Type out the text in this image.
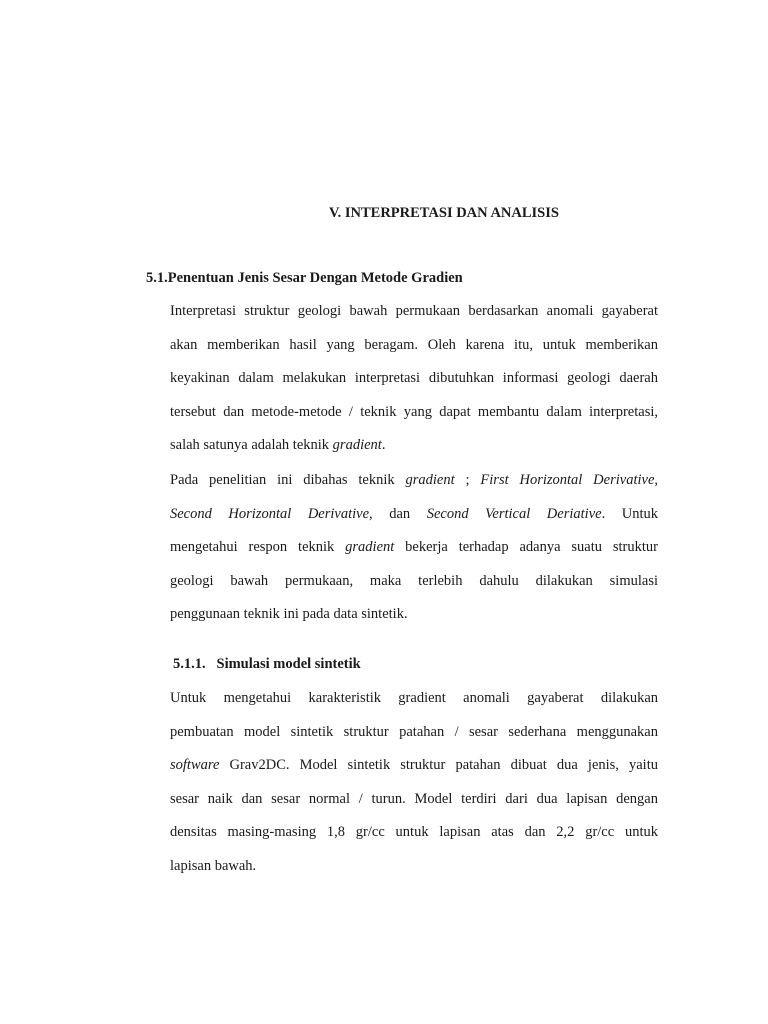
V. INTERPRETASI DAN ANALISIS
5.1.Penentuan Jenis Sesar Dengan Metode Gradien
Interpretasi struktur geologi bawah permukaan berdasarkan anomali gayaberat
akan memberikan hasil yang beragam. Oleh karena itu, untuk memberikan
keyakinan dalam melakukan interpretasi dibutuhkan informasi geologi daerah
tersebut dan metode-metode / teknik yang dapat membantu dalam interpretasi,
salah satunya adalah teknik gradient.
Pada penelitian ini dibahas teknik gradient ; First Horizontal Derivative,
Second Horizontal Derivative, dan Second Vertical Deriative. Untuk
mengetahui respon teknik gradient bekerja terhadap adanya suatu struktur
geologi bawah permukaan, maka terlebih dahulu dilakukan simulasi
penggunaan teknik ini pada data sintetik.
5.1.1.   Simulasi model sintetik
Untuk mengetahui karakteristik gradient anomali gayaberat dilakukan
pembuatan model sintetik struktur patahan / sesar sederhana menggunakan
software Grav2DC. Model sintetik struktur patahan dibuat dua jenis, yaitu
sesar naik dan sesar normal / turun. Model terdiri dari dua lapisan dengan
densitas masing-masing 1,8 gr/cc untuk lapisan atas dan 2,2 gr/cc untuk
lapisan bawah.
